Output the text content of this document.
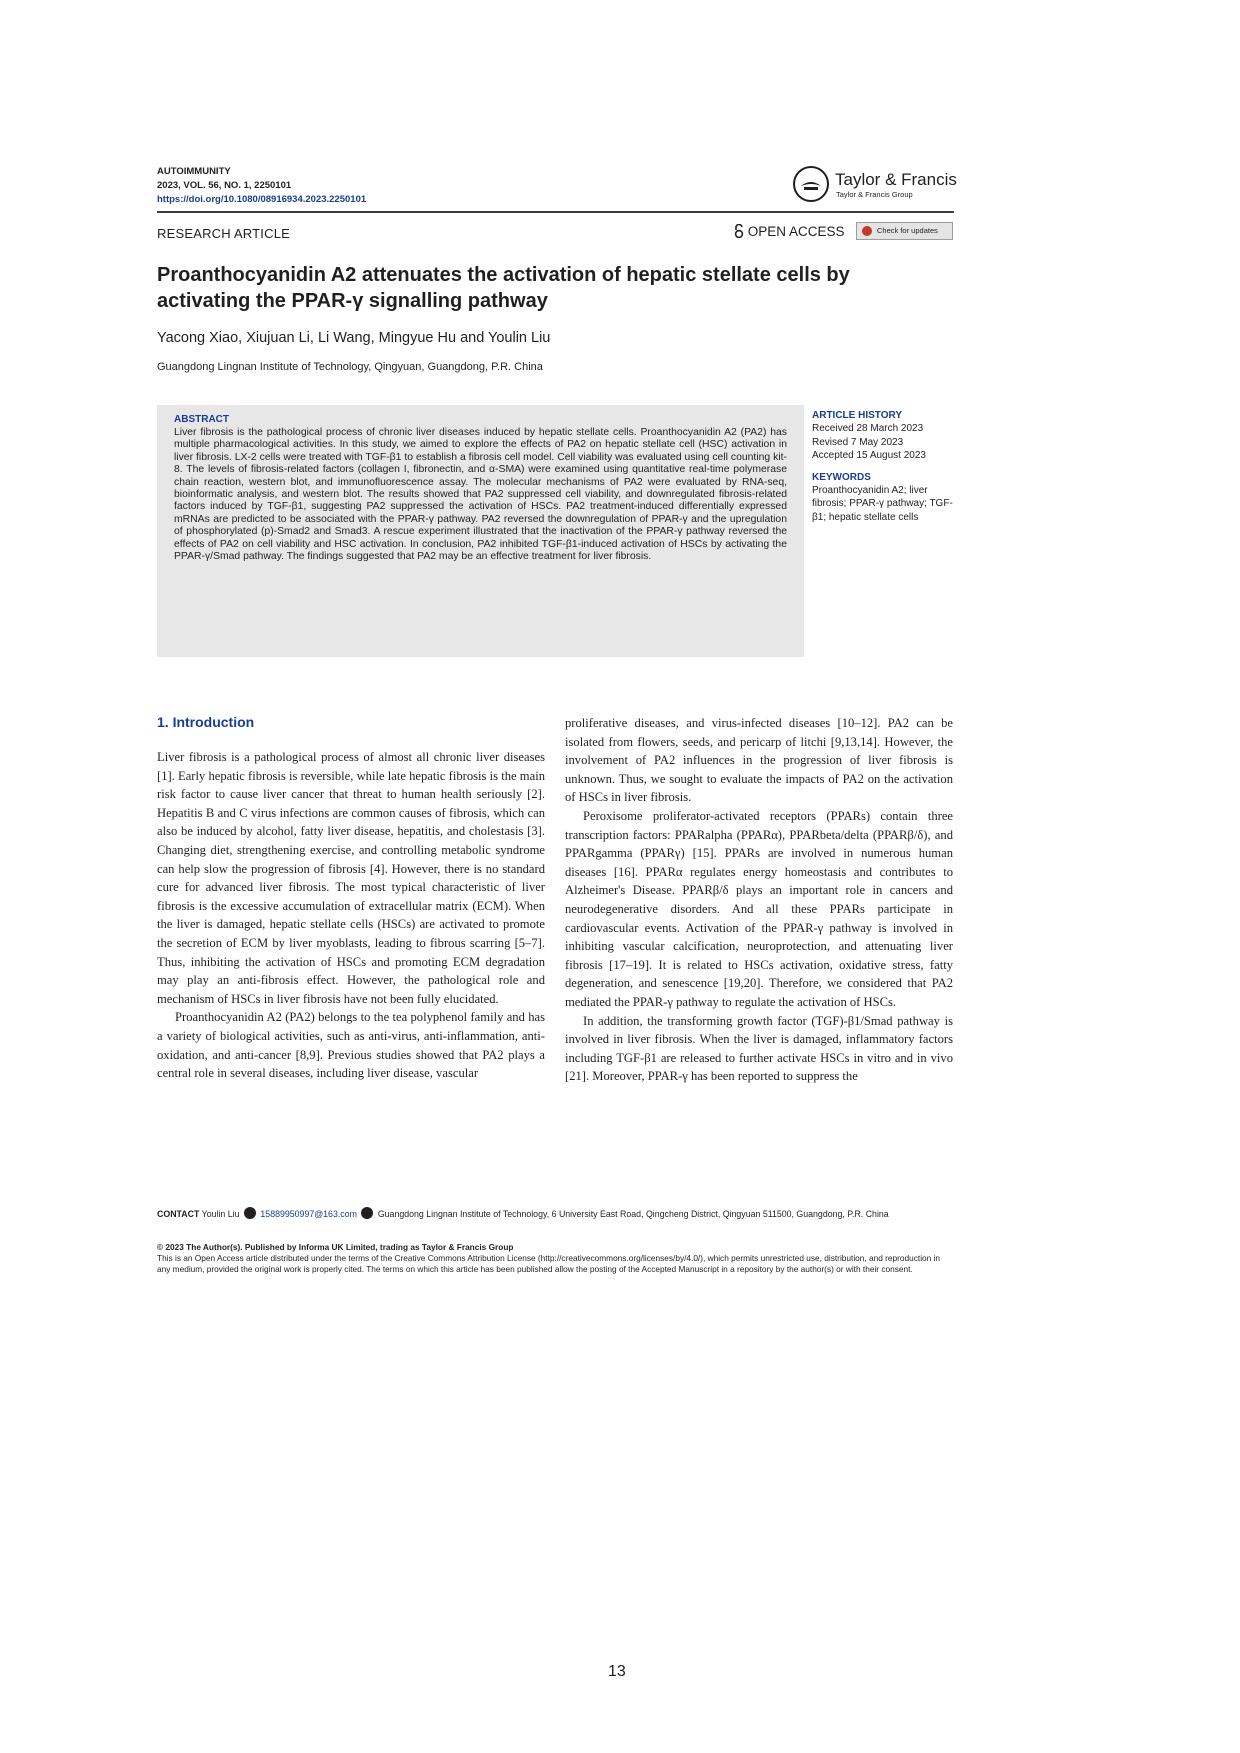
AUTOIMMUNITY
2023, VOL. 56, NO. 1, 2250101
https://doi.org/10.1080/08916934.2023.2250101
Taylor & Francis
Taylor & Francis Group
RESEARCH ARTICLE	OPEN ACCESS	Check for updates
Proanthocyanidin A2 attenuates the activation of hepatic stellate cells by activating the PPAR-γ signalling pathway
Yacong Xiao, Xiujuan Li, Li Wang, Mingyue Hu and Youlin Liu
Guangdong Lingnan Institute of Technology, Qingyuan, Guangdong, P.R. China
ABSTRACT
Liver fibrosis is the pathological process of chronic liver diseases induced by hepatic stellate cells. Proanthocyanidin A2 (PA2) has multiple pharmacological activities. In this study, we aimed to explore the effects of PA2 on hepatic stellate cell (HSC) activation in liver fibrosis. LX-2 cells were treated with TGF-β1 to establish a fibrosis cell model. Cell viability was evaluated using cell counting kit-8. The levels of fibrosis-related factors (collagen I, fibronectin, and α-SMA) were examined using quantitative real-time polymerase chain reaction, western blot, and immunofluorescence assay. The molecular mechanisms of PA2 were evaluated by RNA-seq, bioinformatic analysis, and western blot. The results showed that PA2 suppressed cell viability, and downregulated fibrosis-related factors induced by TGF-β1, suggesting PA2 suppressed the activation of HSCs. PA2 treatment-induced differentially expressed mRNAs are predicted to be associated with the PPAR-γ pathway. PA2 reversed the downregulation of PPAR-γ and the upregulation of phosphorylated (p)-Smad2 and Smad3. A rescue experiment illustrated that the inactivation of the PPAR-γ pathway reversed the effects of PA2 on cell viability and HSC activation. In conclusion, PA2 inhibited TGF-β1-induced activation of HSCs by activating the PPAR-γ/Smad pathway. The findings suggested that PA2 may be an effective treatment for liver fibrosis.
ARTICLE HISTORY
Received 28 March 2023
Revised 7 May 2023
Accepted 15 August 2023
KEYWORDS
Proanthocyanidin A2; liver fibrosis; PPAR-γ pathway; TGF-β1; hepatic stellate cells
1. Introduction

Liver fibrosis is a pathological process of almost all chronic liver diseases [1]. Early hepatic fibrosis is reversible, while late hepatic fibrosis is the main risk factor to cause liver cancer that threat to human health seriously [2]. Hepatitis B and C virus infections are common causes of fibrosis, which can also be induced by alcohol, fatty liver disease, hepatitis, and cholestasis [3]. Changing diet, strengthening exercise, and controlling metabolic syndrome can help slow the progression of fibrosis [4]. However, there is no standard cure for advanced liver fibrosis. The most typical characteristic of liver fibrosis is the excessive accumulation of extracellular matrix (ECM). When the liver is damaged, hepatic stellate cells (HSCs) are activated to promote the secretion of ECM by liver myoblasts, leading to fibrous scarring [5–7]. Thus, inhibiting the activation of HSCs and promoting ECM degradation may play an anti-fibrosis effect. However, the pathological role and mechanism of HSCs in liver fibrosis have not been fully elucidated.

Proanthocyanidin A2 (PA2) belongs to the tea polyphenol family and has a variety of biological activities, such as anti-virus, anti-inflammation, anti-oxidation, and anti-cancer [8,9]. Previous studies showed that PA2 plays a central role in several diseases, including liver disease, vascular

proliferative diseases, and virus-infected diseases [10–12]. PA2 can be isolated from flowers, seeds, and pericarp of litchi [9,13,14]. However, the involvement of PA2 influences in the progression of liver fibrosis is unknown. Thus, we sought to evaluate the impacts of PA2 on the activation of HSCs in liver fibrosis.

Peroxisome proliferator-activated receptors (PPARs) contain three transcription factors: PPARalpha (PPARα), PPARbeta/delta (PPARβ/δ), and PPARgamma (PPARγ) [15]. PPARs are involved in numerous human diseases [16]. PPARα regulates energy homeostasis and contributes to Alzheimer's Disease. PPARβ/δ plays an important role in cancers and neurodegenerative disorders. And all these PPARs participate in cardiovascular events. Activation of the PPAR-γ pathway is involved in inhibiting vascular calcification, neuroprotection, and attenuating liver fibrosis [17–19]. It is related to HSCs activation, oxidative stress, fatty degeneration, and senescence [19,20]. Therefore, we considered that PA2 mediated the PPAR-γ pathway to regulate the activation of HSCs.

In addition, the transforming growth factor (TGF)-β1/Smad pathway is involved in liver fibrosis. When the liver is damaged, inflammatory factors including TGF-β1 are released to further activate HSCs in vitro and in vivo [21]. Moreover, PPAR-γ has been reported to suppress the

CONTACT Youlin Liu 15889950997@163.com Guangdong Lingnan Institute of Technology, 6 University East Road, Qingcheng District, Qingyuan 511500, Guangdong, P.R. China
© 2023 The Author(s). Published by Informa UK Limited, trading as Taylor & Francis Group
This is an Open Access article distributed under the terms of the Creative Commons Attribution License (http://creativecommons.org/licenses/by/4.0/), which permits unrestricted use, distribution, and reproduction in any medium, provided the original work is properly cited. The terms on which this article has been published allow the posting of the Accepted Manuscript in a repository by the author(s) or with their consent.
13
